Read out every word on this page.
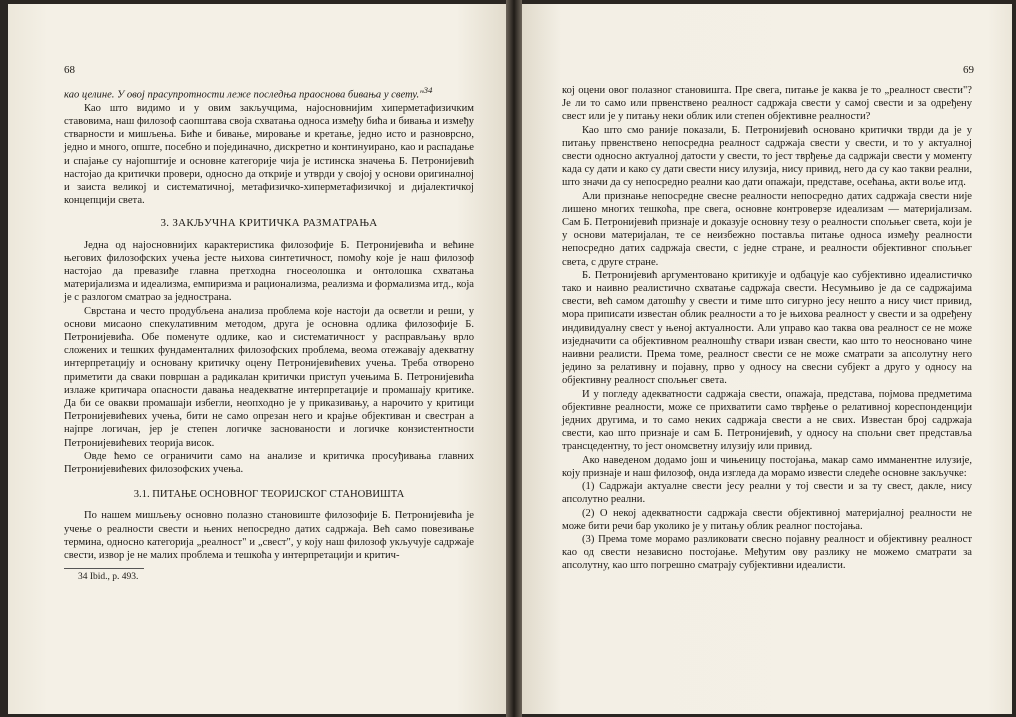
68

као целине. У овој прасупротности леже последња праоснова бивања у свету."$^{34}$

Као што видимо и у овим закључцима, најосновнијим хиперметафизичким ставовима, наш филозоф саопштава своја схватања односа између бића и бивања и између стварности и мишљења. Биће и бивање, мировање и кретање, једно исто и разноврсно, једно и много, опште, посебно и појединачно, дискретно и континуирано, као и распадање и спајање су најопштије и основне категорије чија је истинска значења Б. Петронијевић настојао да критички провери, односно да открије и утврди у својој у основи оригиналној и заиста великој и систематичној, метафизичко-хиперметафизичкој и дијалектичкој концепцији света.

3. ЗАКЉУЧНА КРИТИЧКА РАЗМАТРАЊА

Једна од најосновнијих карактеристика филозофије Б. Петронијевића и већине његових филозофских учења јесте њихова синтетичност, помоћу које је наш филозоф настојао да превазиђе главна претходна гносеолошка и онтолошка схватања материјализма и идеализма, емпиризма и рационализма, реализма и формализма итд., која је с разлогом сматрао за једностранa.

Сврстана и често продубљена анализа проблема које настоји да осветли и реши, у основи мисаоно спекулативним методом, друга је основна одлика филозофије Б. Петронијевића. Обе поменуте одлике, као и систематичност у расправљању врло сложених и тешких фундаменталних филозофских проблема, веома отежавају адекватну интерпретацију и основану критичку оцену Петронијевићевих учења. Треба отворено приметити да сваки површан а радикалан критички приступ учењима Б. Петронијевића излаже критичара опасности давања неадекватне интерпретације и промашају критике. Да би се овакви промашаји избегли, неопходно је у приказивању, а нарочито у критици Петронијевићевих учења, бити не само опрезан него и крајње објективан и свестран а најпре логичан, јер је степен логичке заснованости и логичке конзистентности Петронијевићевих теорија висок.

Овде ћемо се ограничити само на анализе и критичка просуђивања главних Петронијевићевих филозофских учења.

3.1. ПИТАЊЕ ОСНОВНОГ ТЕОРИЈСКОГ СТАНОВИШТА

По нашем мишљењу основно полазно становиште филозофије Б. Петронијевића је учење о реалности свести и њених непосредно датих садржаја. Већ само повезивање термина, односно категорија „реалност" и „свест", у коју наш филозоф укључује садржаје свести, извор је не малих проблема и тешкоћа у интерпретацији и критич-

34 Ibid., p. 493.
69

кој оцени овог полазног становишта. Пре свега, питање је каква је то „реалност свести"? Је ли то само или првенствено реалност садржаја свести у самој свести и за одређену свест или је у питању неки облик или степен објективне реалности?

Као што смо раније показали, Б. Петронијевић основано критички тврди да је у питању првенствено непосредна реалност садржаја свести у свести, и то у актуалној свести односно актуалној датости у свести, то јест тврђење да садржаји свести у моменту када су дати и како су дати свести нису илузија, нису привид, него да су као такви реални, што значи да су непосредно реални као дати опажаји, представе, осећања, акти воље итд.

Али признање непосредне свесне реалности непосредно датих садржаја свести није лишено многих тешкоћа, пре свега, основне контроверзе идеализам — материјализам. Сам Б. Петронијевић признаје и доказује основну тезу о реалности спољњег света, који је у основи материјалан, те се неизбежно поставља питање односа између реалности непосредно датих садржаја свести, с једне стране, и реалности објективног спољњег света, с друге стране.

Б. Петронијевић аргументовано критикује и одбацује као субјективно идеалистичко тако и наивно реалистично схватање садржаја свести. Несумњиво је да се садржајима свести, већ самом датошћу у свести и тиме што сигурно јесу нешто а нису чист привид, мора приписати известан облик реалности а то је њихова реалност у свести и за одређену индивидуалну свест у њеној актуалности. Али управо као таква ова реалност се не може изједначити са објективном реалношћу ствари изван свести, као што то неосновано чине наивни реалисти. Према томе, реалност свести се не може сматрати за апсолутну него једино за релативну и појавну, прво у односу на свесни субјект а друго у односу на објективну реалност спољњег света.

И у погледу адекватности садржаја свести, опажаја, представа, појмова предметима објективне реалности, може се прихватити само тврђење о релативној кореспонденцији једних другима, и то само неких садржаја свести а не свих. Известан број садржаја свести, као што признаје и сам Б. Петронијевић, у односу на спољни свет представља трансцедентну, то јест ономсветну илузију или привид.

Ако наведеном додамо још и чињеницу постојања, макар само имманентне илузије, коју признаје и наш филозоф, онда изгледа да морамо извести следеће основне закључке:

(1) Садржаји актуалне свести јесу реални у тој свести и за ту свест, дакле, нису апсолутно реални.

(2) О некој адекватности садржаја свести објективној материјалној реалности не може бити речи бар уколико је у питању облик реалног постојања.

(3) Према томе морамо разликовати свесно појавну реалност и објективну реалност као од свести независно постојање. Међутим ову разлику не можемо сматрати за апсолутну, као што погрешно сматрају субјективни идеалисти.
